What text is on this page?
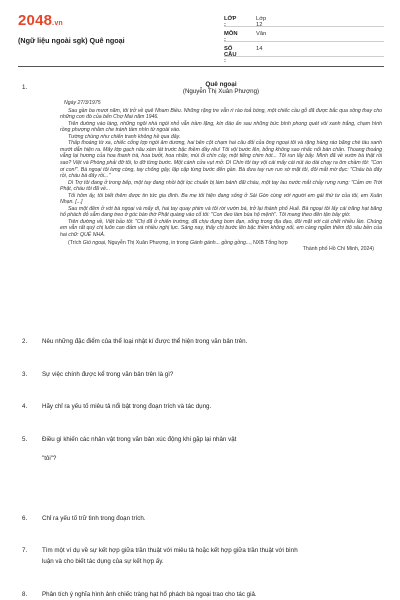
2048.vn
(Ngữ liệu ngoài sgk) Quê ngoại
LỚP :
Lớp 12
MÔN :
Văn
SỐ CÂU :
14
1.	Quê ngoại
(Nguyễn Thị Xuân Phượng)
Ngày 27/3/1975

Sau gần ba mươi năm, tôi trở về quê Nham Biều. Những rặng tre vẫn rì rào toả bóng, một chiếc cầu gỗ đã được bắc qua sông thay cho những con đò của bến Chợ Mai năm 1946.

Trên đường vào làng, những ngôi nhà ngói nhỏ vẫn trầm lặng, kín đáo ẩn sau những bức bình phong quét vôi xanh trắng, chạm hình rồng phượng nhằm che tránh tầm nhìn từ ngoài vào.

Tường chùng như chiến tranh không hề qua đây.

Thấp thoáng từ xa, chiếc cổng lợp ngói âm dương, hai bên cột chạm hai câu đối của ông ngoại tôi và rặng hàng rào băng chè tàu xanh mướt dẫn hiện ra. Mấy lớp gạch nâu xám lát trước bậc thềm đầy rêu! Tôi vội bước lên, bỗng không sao nhấc nổi bàn chân. Thoang thoảng vẫng lại hương của hoa thanh trà, hoa bưởi, hoa nhãn, mùi ổi chín cây, một tiếng chim hót... Tôi run lẩy bẩy. Mình đã về vườn bà thật rồi sao? Việt và Phòng phải đỡ tôi, lo đỡ từng bước. Một cánh cửa vụt mở. Dì Chín tôi tay vội cái mấy cái nút áo dài chạy ra ôm chầm tôi: "Con ơi con!". Bà ngoại tôi lưng còng, tay chống gậy, lập cập từng bước đến gần. Bà đưa tay run run sờ mặt tôi, đôi mắt mờ đục: "Cháu bà đấy rồi, cháu bà đấy rồi..."

Dì Trợ tôi đang ở trong bếp, một tay đang nhồi bột lọc chuẩn bị làm bánh đãi cháu, một tay lau nước mắt chảy rưng rưng: "Cảm ơn Trời Phật, cháu tôi đã về...

Tối hôm ấy, tôi biết thêm được tin tức gia đình. Ba mẹ tôi hiện đang sống ở Sài Gòn cùng với người em gái thứ tư của tôi, em Xuân Nhạn. [...]

Sau một đêm ở với bà ngoại và mấy dì, hai tay quay phim và tôi rời vườn bà, trở lại thành phố Huế. Bà ngoại tôi lấy cái trăng hạt băng hổ phách đỏ sẫm đang treo ở góc bàn thờ Phật quàng vào cổ tôi: "Con đeo làm bùa hộ mệnh". Tôi mang theo đến tận bây giờ.

Trên đường về, Việt bảo tôi: "Chị đã ở chiến trường, đã chịu đựng bom đạn, sống trong địa đạo, đôi mặt với cái chết nhiều lần. Chúng em vẫn rất quý chị luôn can đảm và nhiều nghị lực. Sáng nay, thấy chị bước lên bậc thềm không nổi, em càng ngắm thêm độ sâu bền của hai chữ: QUÊ NHÀ.

(Trích Gió ngoại, Nguyễn Thị Xuân Phượng, in trong Gánh gánh... gồng gồng..., NXB Tổng hợp
Thành phố Hồ Chí Minh, 2024)
2. Nêu những đặc điểm của thể loại nhật kí được thể hiện trong văn bản trên.
3. Sự việc chính được kể trong văn bản trên là gì?
4. Hãy chỉ ra yếu tố miêu tả nổi bật trong đoạn trích và tác dụng.
5. Điều gì khiến các nhân vật trong văn bản xúc động khi gặp lại nhân vật
"tôi"?
6. Chỉ ra yếu tố trữ tình trong đoạn trích.
7. Tìm một ví dụ về sự kết hợp giữa trần thuật với miêu tả hoặc kết hợp giữa trần thuật với bình
luận và cho biết tác dụng của sự kết hợp ấy.
8. Phân tích ý nghĩa hình ảnh chiếc tràng hạt hổ phách bà ngoại trao cho tác giả.
